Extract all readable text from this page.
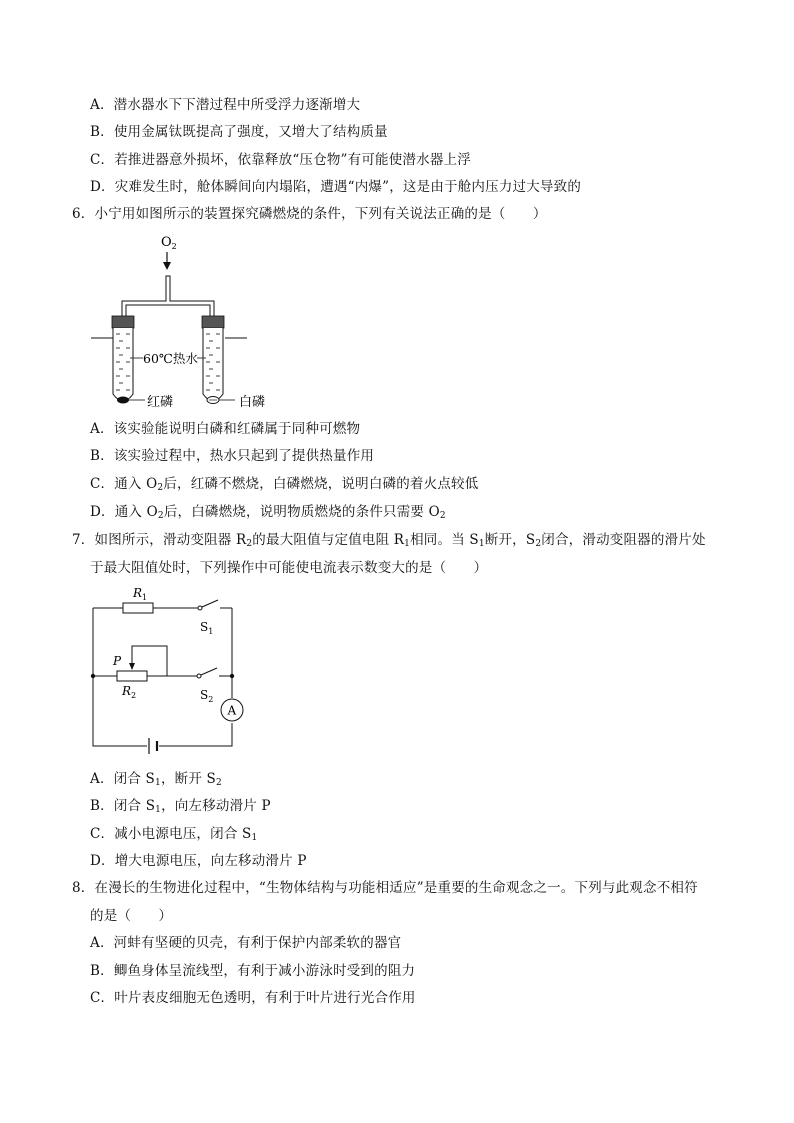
A．潜水器水下下潜过程中所受浮力逐渐增大
B．使用金属钛既提高了强度，又增大了结构质量
C．若推进器意外损坏，依靠释放“压仓物”有可能使潜水器上浮
D．灾难发生时，舱体瞬间向内塌陷，遭遇“内爆”，这是由于舱内压力过大导致的
6．小宁用如图所示的装置探究磷燃烧的条件，下列有关说法正确的是（　　）
$O_2$
60℃热水
红磷	白磷
A．该实验能说明白磷和红磷属于同种可燃物
B．该实验过程中，热水只起到了提供热量作用
C．通入 $O_2$后，红磷不燃烧，白磷燃烧，说明白磷的着火点较低
D．通入 $O_2$后，白磷燃烧，说明物质燃烧的条件只需要 $O_2$
7．如图所示，滑动变阻器 $R_2$的最大阻值与定值电阻 $R_1$相同。当 $S_1$断开，$S_2$闭合，滑动变阻器的滑片处
于最大阻值处时，下列操作中可能使电流表示数变大的是（　　）
$R_1$
$S_1$
P
$R_2$	$S_2$
A
A．闭合 $S_1$，断开 $S_2$
B．闭合 $S_1$，向左移动滑片 P
C．减小电源电压，闭合 $S_1$
D．增大电源电压，向左移动滑片 P
8．在漫长的生物进化过程中，“生物体结构与功能相适应”是重要的生命观念之一。下列与此观念不相符
的是（　　）
A．河蚌有坚硬的贝壳，有利于保护内部柔软的器官
B．鲫鱼身体呈流线型，有利于减小游泳时受到的阻力
C．叶片表皮细胞无色透明，有利于叶片进行光合作用
